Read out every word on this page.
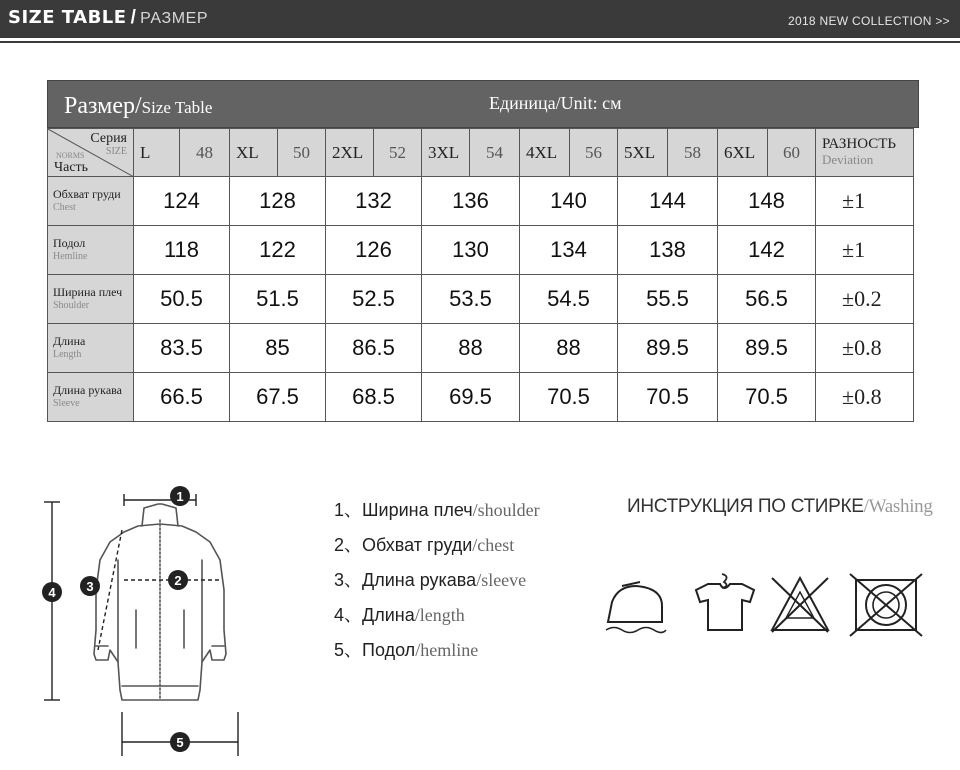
SIZE TABLE / РАЗМЕР	2018 NEW COLLECTION >>
Размер/Size Table	Единица/Unit: см
Серия
SIZE
NORMS
Часть	L	48	XL	50	2XL	52	3XL	54	4XL	56	5XL	58	6XL	60	РАЗНОСТЬ
Deviation

Обхват груди
Chest	124		128		132		136		140		144		148		±1

Подол
Hemline	118		122		126		130		134		138		142		±1

Ширина плеч
Shoulder	50.5		51.5		52.5		53.5		54.5		55.5		56.5		±0.2

Длина
Length	83.5		85		86.5		88		88		89.5		89.5		±0.8

Длина рукава
Sleeve	66.5		67.5		68.5		69.5		70.5		70.5		70.5		±0.8
1
2
3
4
5
1、Ширина плеч/shoulder
2、Обхват груди/chest
3、Длина рукава/sleeve
4、Длина/length
5、Подол/hemline
ИНСТРУКЦИЯ ПО СТИРКЕ/Washing
